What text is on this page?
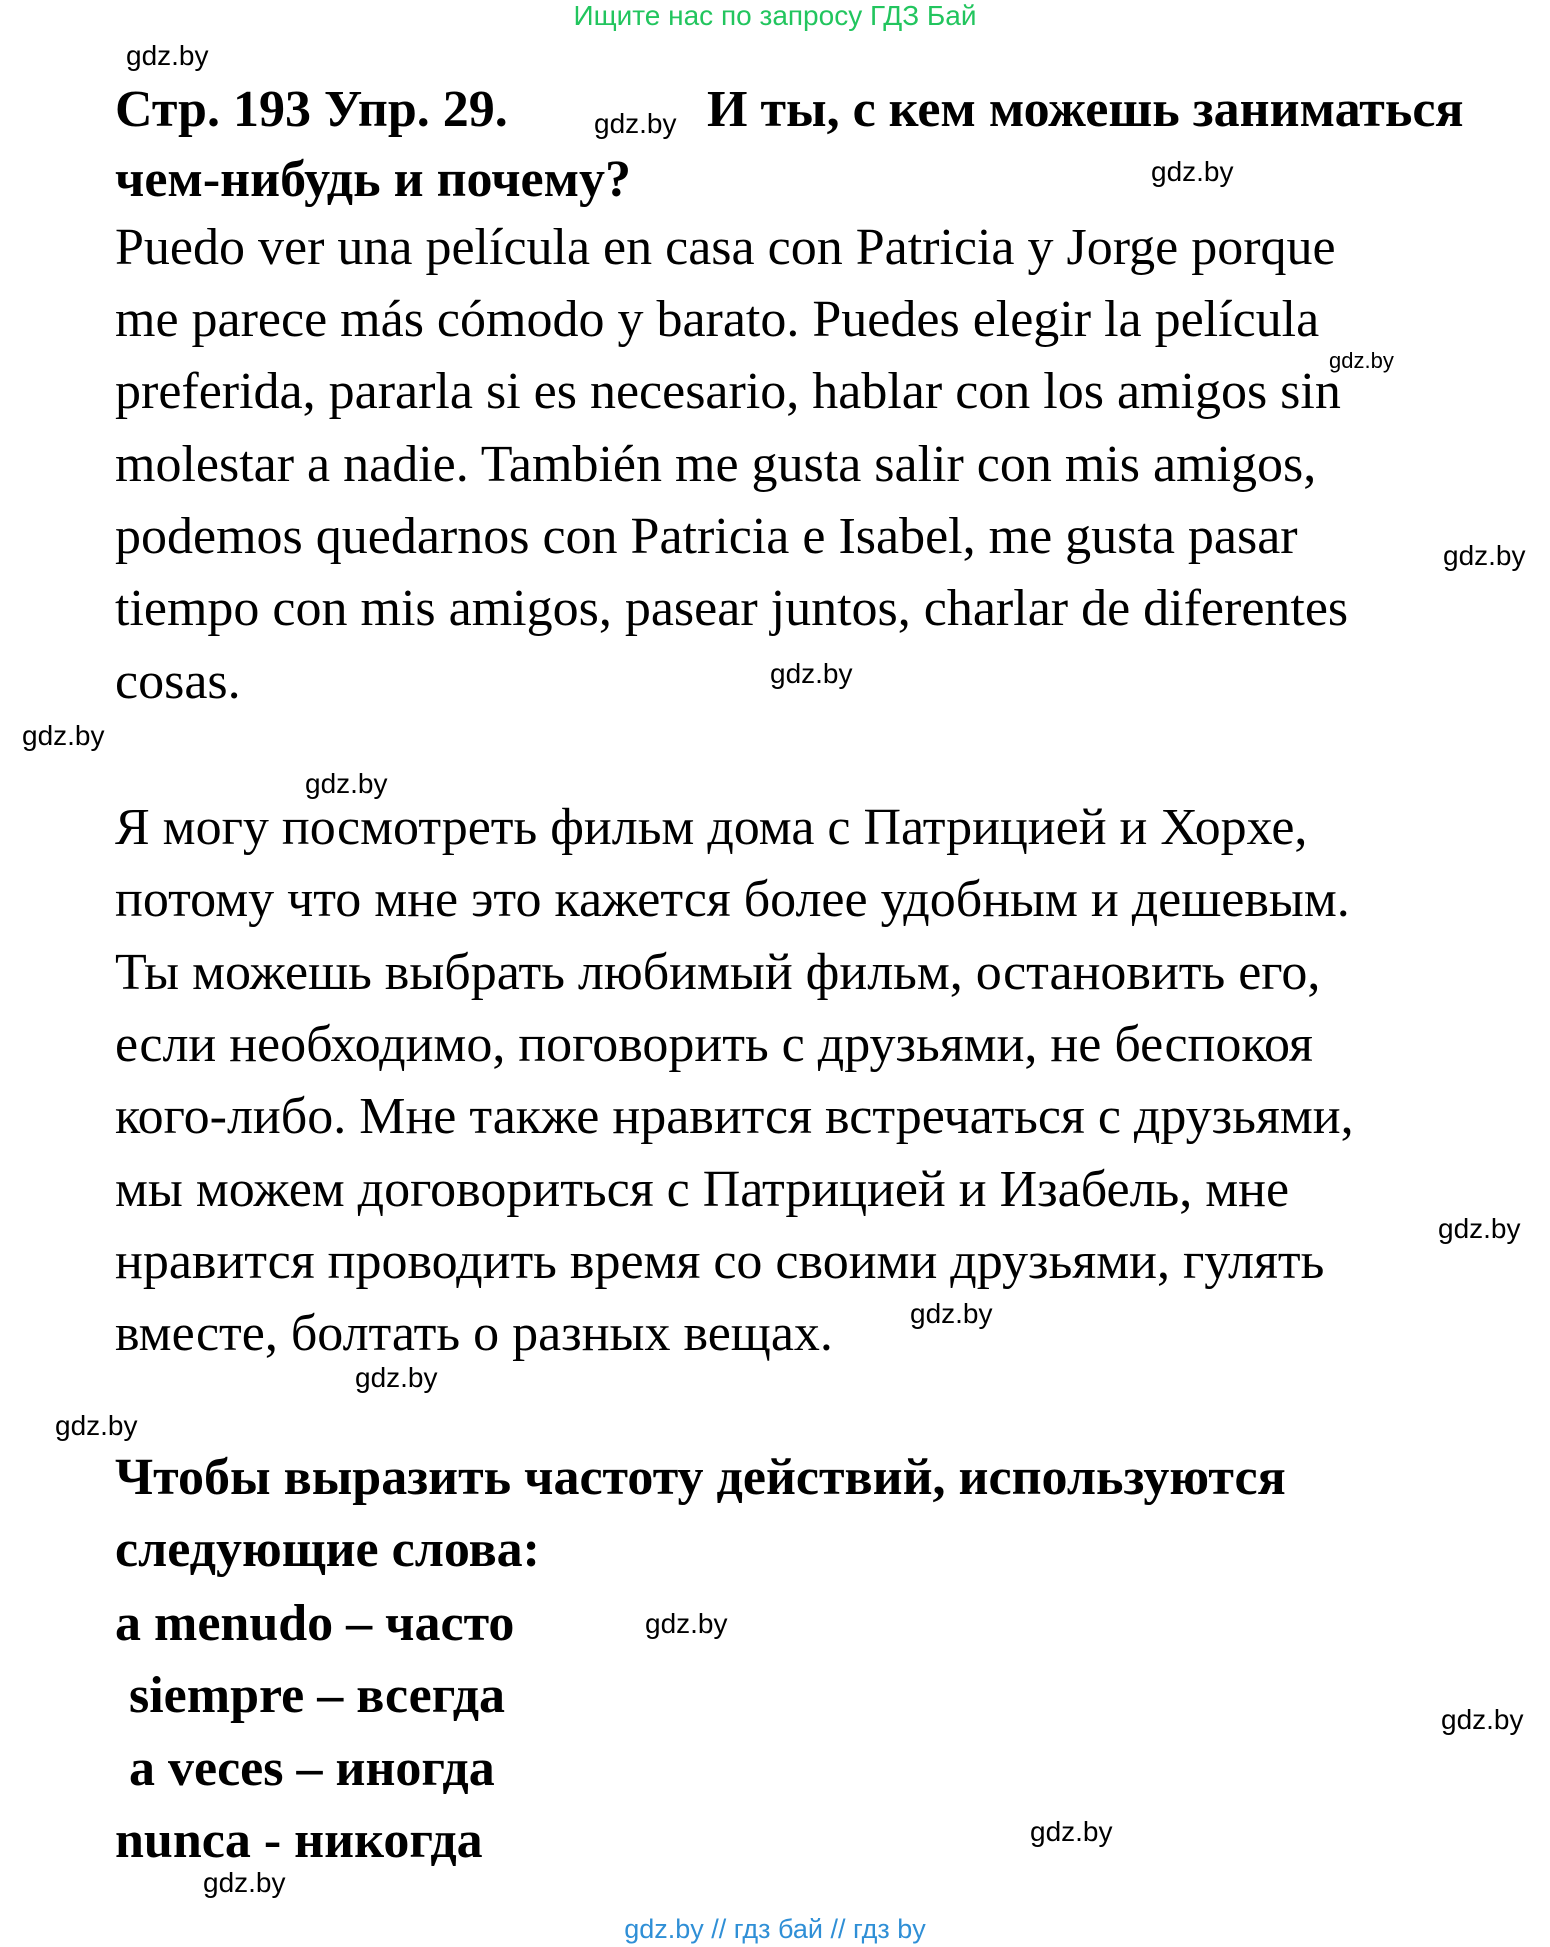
Ищите нас по запросу ГДЗ Бай
Стр. 193 Упр. 29.	И ты, с кем можешь заниматься
чем-нибудь и почему?
Puedo ver una película en casa con Patricia y Jorge porque
me parece más cómodo y barato. Puedes elegir la película
preferida, pararla si es necesario, hablar con los amigos sin
molestar a nadie. También me gusta salir con mis amigos,
podemos quedarnos con Patricia e Isabel, me gusta pasar
tiempo con mis amigos, pasear juntos, charlar de diferentes
cosas.
Я могу посмотреть фильм дома с Патрицией и Хорхе,
потому что мне это кажется более удобным и дешевым.
Ты можешь выбрать любимый фильм, остановить его,
если необходимо, поговорить с друзьями, не беспокоя
кого-либо. Мне также нравится встречаться с друзьями,
мы можем договориться с Патрицией и Изабель, мне
нравится проводить время со своими друзьями, гулять
вместе, болтать о разных вещах.
Чтобы выразить частоту действий, используются
следующие слова:
a menudo – часто
siempre – всегда
a veces – иногда
nunca - никогда
gdz.by
gdz.by
gdz.by
gdz.by
gdz.by
gdz.by
gdz.by
gdz.by
gdz.by
gdz.by
gdz.by
gdz.by
gdz.by
gdz.by
gdz.by
gdz.by
gdz.by // гдз бай // гдз by
